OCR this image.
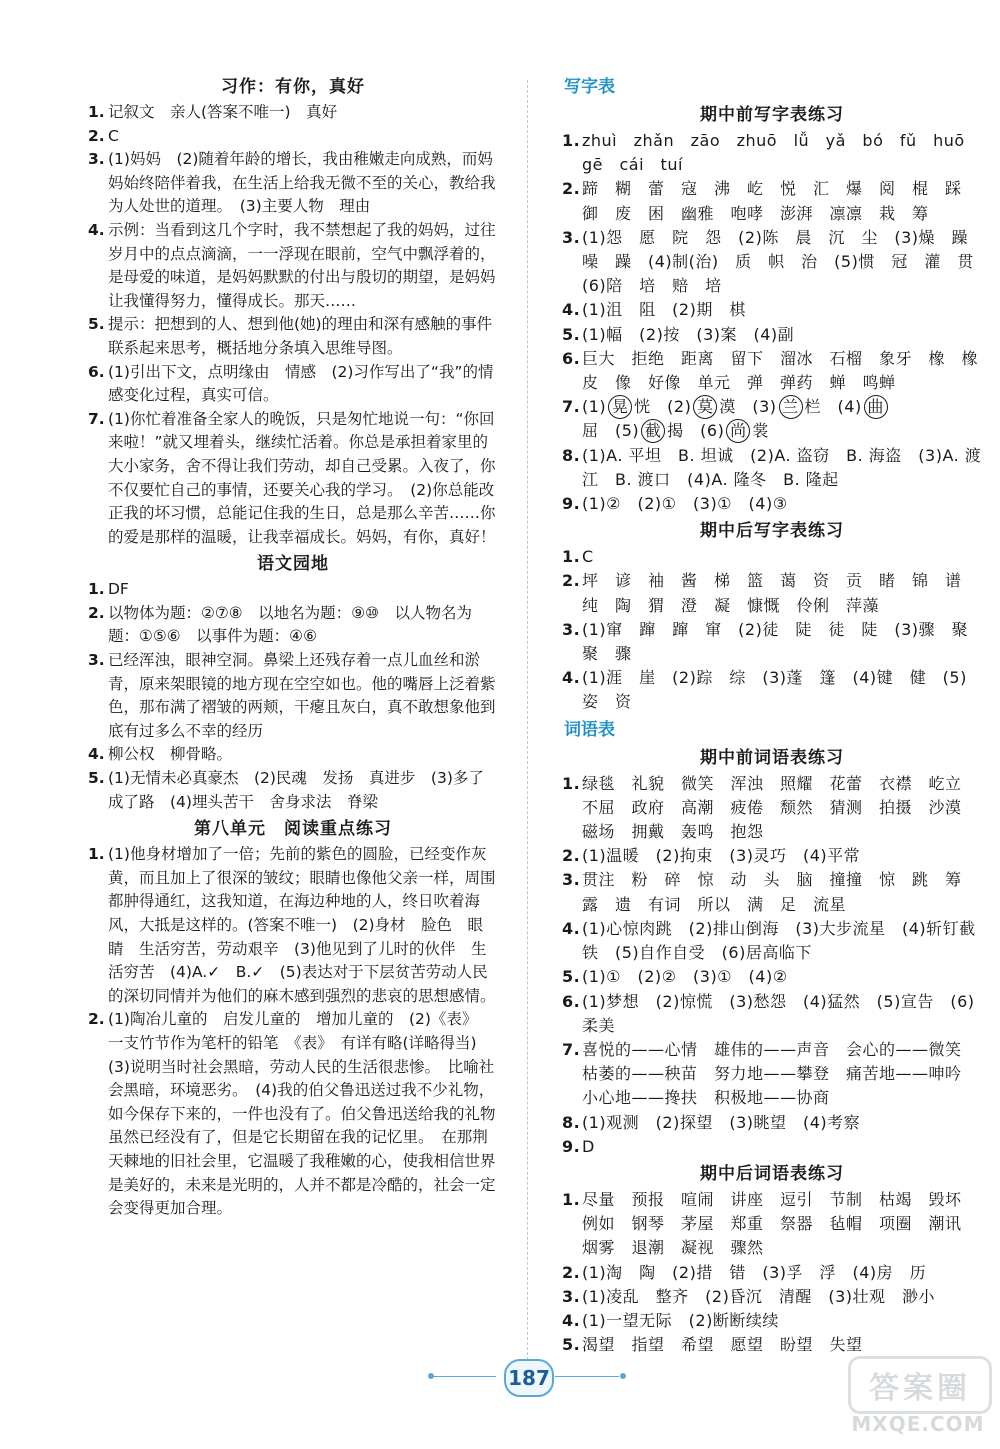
习作：有你，真好
1. 记叙文　亲人(答案不唯一)　真好
2. C
3. (1)妈妈　(2)随着年龄的增长，我由稚嫩走向成熟，而妈妈始终陪伴着我，在生活上给我无微不至的关心，教给我为人处世的道理。　(3)主要人物　理由
4. 示例：当看到这几个字时，我不禁想起了我的妈妈，过往岁月中的点点滴滴，一一浮现在眼前，空气中飘浮着的，是母爱的味道，是妈妈默默的付出与殷切的期望，是妈妈让我懂得努力，懂得成长。那天……
5. 提示：把想到的人、想到他(她)的理由和深有感触的事件联系起来思考，概括地分条填入思维导图。
6. (1)引出下文，点明缘由　情感　(2)习作写出了“我”的情感变化过程，真实可信。
7. (1)你忙着准备全家人的晚饭，只是匆忙地说一句：“你回来啦！”就又埋着头，继续忙活着。你总是承担着家里的大小家务，舍不得让我们劳动，却自己受累。入夜了，你不仅要忙自己的事情，还要关心我的学习。　(2)你总能改正我的坏习惯，总能记住我的生日，总是那么辛苦……你的爱是那样的温暖，让我幸福成长。妈妈，有你，真好！
语文园地
1. DF
2. 以物体为题：②⑦⑧　以地名为题：⑨⑩　以人物名为题：①⑤⑥　以事件为题：④⑥
3. 已经浑浊，眼神空洞。鼻梁上还残存着一点儿血丝和淤青，原来架眼镜的地方现在空空如也。他的嘴唇上泛着紫色，那布满了褶皱的两颊，干瘪且灰白，真不敢想象他到底有过多么不幸的经历
4. 柳公权　柳骨略。
5. (1)无情未必真豪杰　(2)民魂　发扬　真进步　(3)多了　成了路　(4)埋头苦干　舍身求法　脊梁
第八单元　阅读重点练习
1. (1)他身材增加了一倍；先前的紫色的圆脸，已经变作灰黄，而且加上了很深的皱纹；眼睛也像他父亲一样，周围都肿得通红，这我知道，在海边种地的人，终日吹着海风，大抵是这样的。(答案不唯一)　(2)身材　脸色　眼睛　生活穷苦，劳动艰辛　(3)他见到了儿时的伙伴　生活穷苦　(4)A.✓　B.✓　(5)表达对于下层贫苦劳动人民的深切同情并为他们的麻木感到强烈的悲哀的思想感情。
2. (1)陶冶儿童的　启发儿童的　增加儿童的　(2)《表》　一支竹节作为笔杆的铅笔　《表》　有详有略(详略得当)　(3)说明当时社会黑暗，劳动人民的生活很悲惨。　比喻社会黑暗，环境恶劣。　(4)我的伯父鲁迅送过我不少礼物，如今保存下来的，一件也没有了。伯父鲁迅送给我的礼物虽然已经没有了，但是它长期留在我的记忆里。　在那荆天棘地的旧社会里，它温暖了我稚嫩的心，使我相信世界是美好的，未来是光明的，人并不都是冷酷的，社会一定会变得更加合理。
写字表
期中前写字表练习
1. zhuì　zhǎn　zāo　zhuō　lǚ　yǎ　bó　fǔ　huō　gē　cái　tuí
2. 蹄　糊　蕾　寇　沸　屹　悦　汇　爆　阅　棍　踩　御　废　困　幽雅　咆哮　澎湃　凛凛　栽　筹
3. (1)怨　愿　院　怨　(2)陈　晨　沉　尘　(3)燥　躁　噪　躁　(4)制(治)　质　帜　治　(5)惯　冠　灌　贯　(6)陪　培　赔　培
4. (1)沮　阻　(2)期　棋
5. (1)幅　(2)按　(3)案　(4)副
6. 巨大　拒绝　距离　留下　溜冰　石榴　象牙　橡　橡皮　像　好像　单元　弹　弹药　蝉　鸣蝉
7. (1) 晃 恍　(2) 莫 漠　(3) 兰 栏　(4) 曲
屈　(5) 截 揭　(6) 尚 裳
8. (1)A. 平坦　B. 坦诚　(2)A. 盗窃　B. 海盗　(3)A. 渡江　B. 渡口　(4)A. 隆冬　B. 隆起
9. (1)②　(2)①　(3)①　(4)③
期中后写字表练习
1. C
2. 坪　谚　袖　酱　梯　篮　蔼　资　贡　睹　锦　谱　纯　陶　猬　澄　凝　慷慨　伶俐　萍藻
3. (1)窜　蹿　蹿　窜　(2)徒　陡　徒　陡　(3)骤　聚　聚　骤
4. (1)涯　崖　(2)踪　综　(3)蓬　篷　(4)键　健　(5)姿　资
词语表
期中前词语表练习
1. 绿毯　礼貌　微笑　浑浊　照耀　花蕾　衣襟　屹立　不屈　政府　高潮　疲倦　颓然　猜测　拍摄　沙漠　磁场　拥戴　轰鸣　抱怨
2. (1)温暖　(2)拘束　(3)灵巧　(4)平常
3. 贯注　粉　碎　惊　动　头　脑　撞撞　惊　跳　筹　露　遗　有词　所以　满　足　流星
4. (1)心惊肉跳　(2)排山倒海　(3)大步流星　(4)斩钉截铁　(5)自作自受　(6)居高临下
5. (1)①　(2)②　(3)①　(4)②
6. (1)梦想　(2)惊慌　(3)愁怨　(4)猛然　(5)宣告　(6)柔美
7. 喜悦的——心情　雄伟的——声音　会心的——微笑　枯萎的——秧苗　努力地——攀登　痛苦地——呻吟　小心地——搀扶　积极地——协商
8. (1)观测　(2)探望　(3)眺望　(4)考察
9. D
期中后词语表练习
1. 尽量　预报　喧闹　讲座　逗引　节制　枯竭　毁坏　例如　钢琴　茅屋　郑重　祭器　毡帽　项圈　潮讯　烟雾　退潮　凝视　骤然
2. (1)淘　陶　(2)措　错　(3)孚　浮　(4)房　历
3. (1)凌乱　整齐　(2)昏沉　清醒　(3)壮观　渺小
4. (1)一望无际　(2)断断续续
5. 渴望　指望　希望　愿望　盼望　失望
187	答案圈
MXQE.COM
